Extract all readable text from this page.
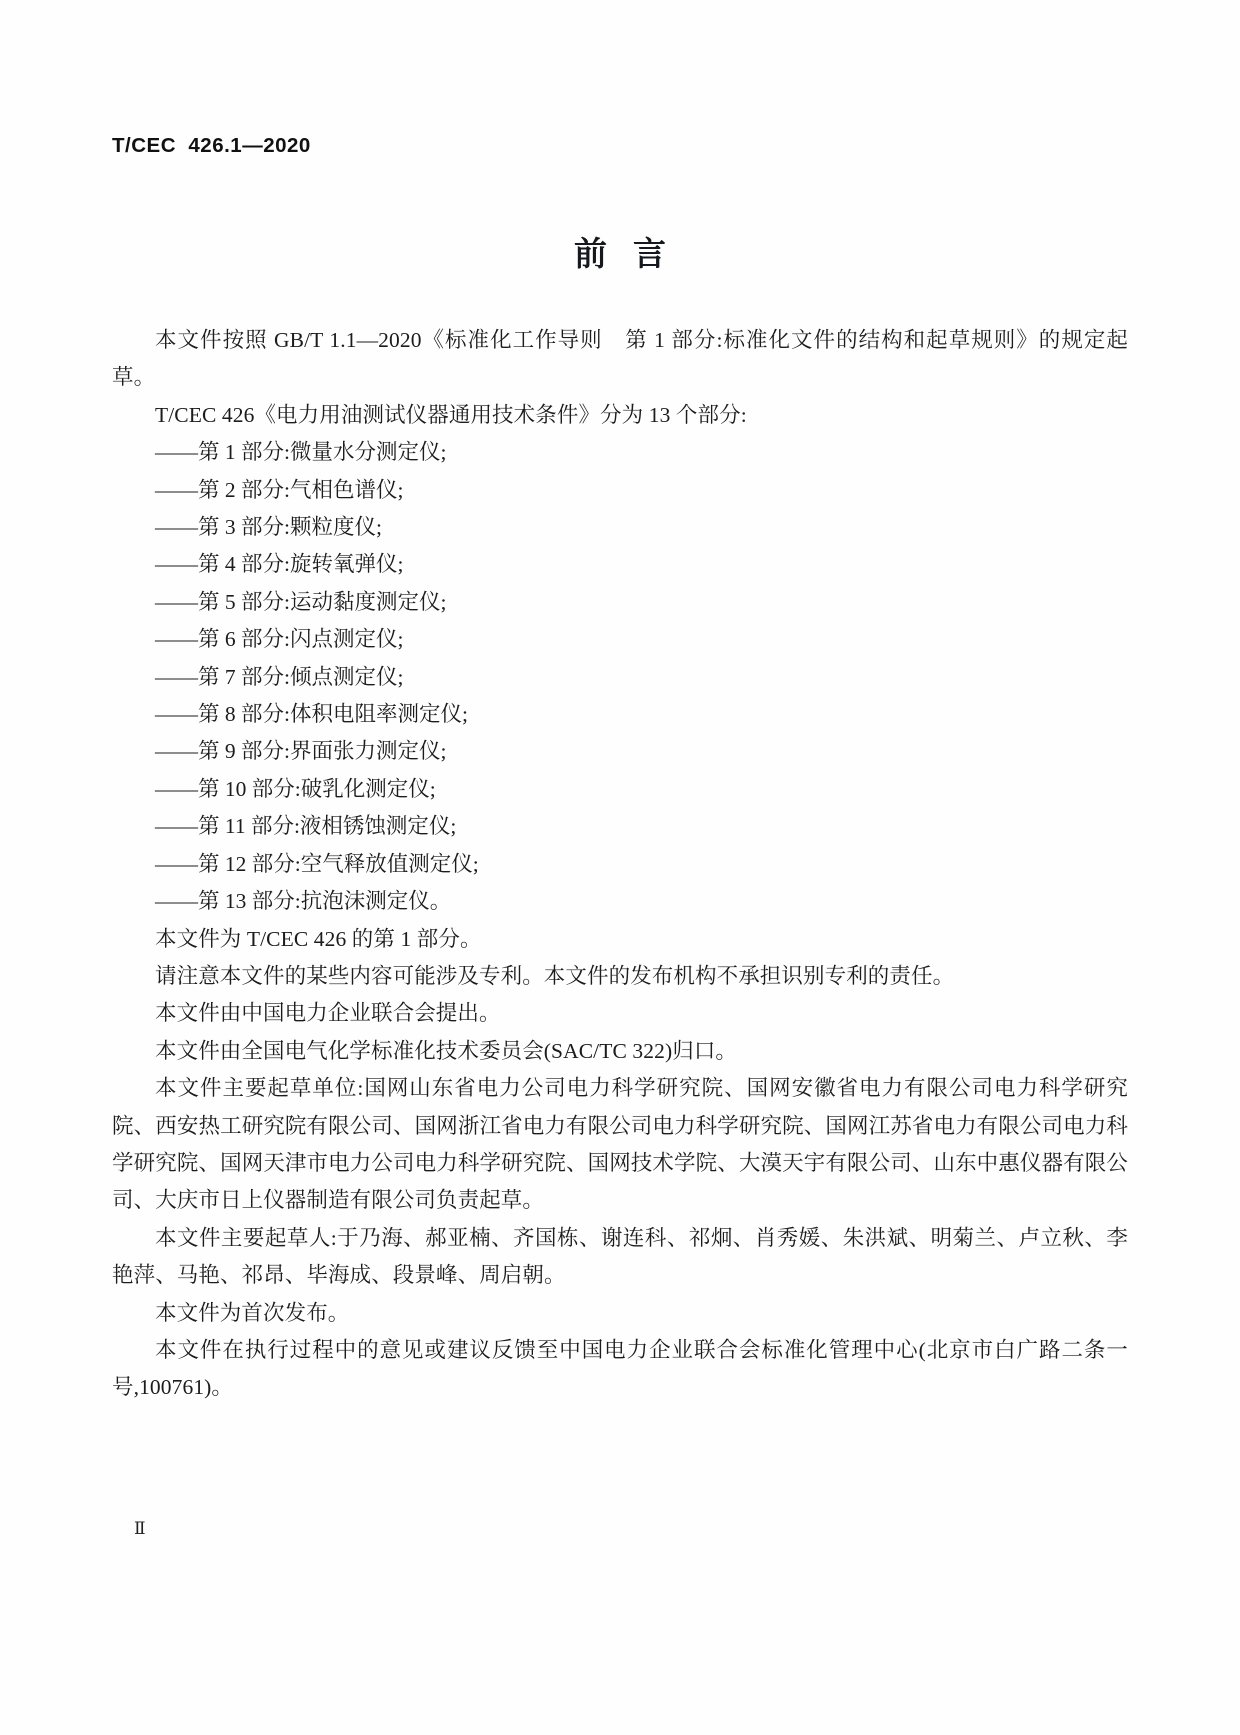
T/CEC  426.1—2020
前言

本文件按照 GB/T 1.1—2020《标准化工作导则　第 1 部分:标准化文件的结构和起草规则》的规定起草。

T/CEC 426《电力用油测试仪器通用技术条件》分为 13 个部分:

——第 1 部分:微量水分测定仪;
——第 2 部分:气相色谱仪;
——第 3 部分:颗粒度仪;
——第 4 部分:旋转氧弹仪;
——第 5 部分:运动黏度测定仪;
——第 6 部分:闪点测定仪;
——第 7 部分:倾点测定仪;
——第 8 部分:体积电阻率测定仪;
——第 9 部分:界面张力测定仪;
——第 10 部分:破乳化测定仪;
——第 11 部分:液相锈蚀测定仪;
——第 12 部分:空气释放值测定仪;
——第 13 部分:抗泡沫测定仪。

本文件为 T/CEC 426 的第 1 部分。

请注意本文件的某些内容可能涉及专利。本文件的发布机构不承担识别专利的责任。

本文件由中国电力企业联合会提出。

本文件由全国电气化学标准化技术委员会(SAC/TC 322)归口。

本文件主要起草单位:国网山东省电力公司电力科学研究院、国网安徽省电力有限公司电力科学研究院、西安热工研究院有限公司、国网浙江省电力有限公司电力科学研究院、国网江苏省电力有限公司电力科学研究院、国网天津市电力公司电力科学研究院、国网技术学院、大漠天宇有限公司、山东中惠仪器有限公司、大庆市日上仪器制造有限公司负责起草。

本文件主要起草人:于乃海、郝亚楠、齐国栋、谢连科、祁炯、肖秀媛、朱洪斌、明菊兰、卢立秋、李艳萍、马艳、祁昂、毕海成、段景峰、周启朝。

本文件为首次发布。

本文件在执行过程中的意见或建议反馈至中国电力企业联合会标准化管理中心(北京市白广路二条一号,100761)。

Ⅱ
